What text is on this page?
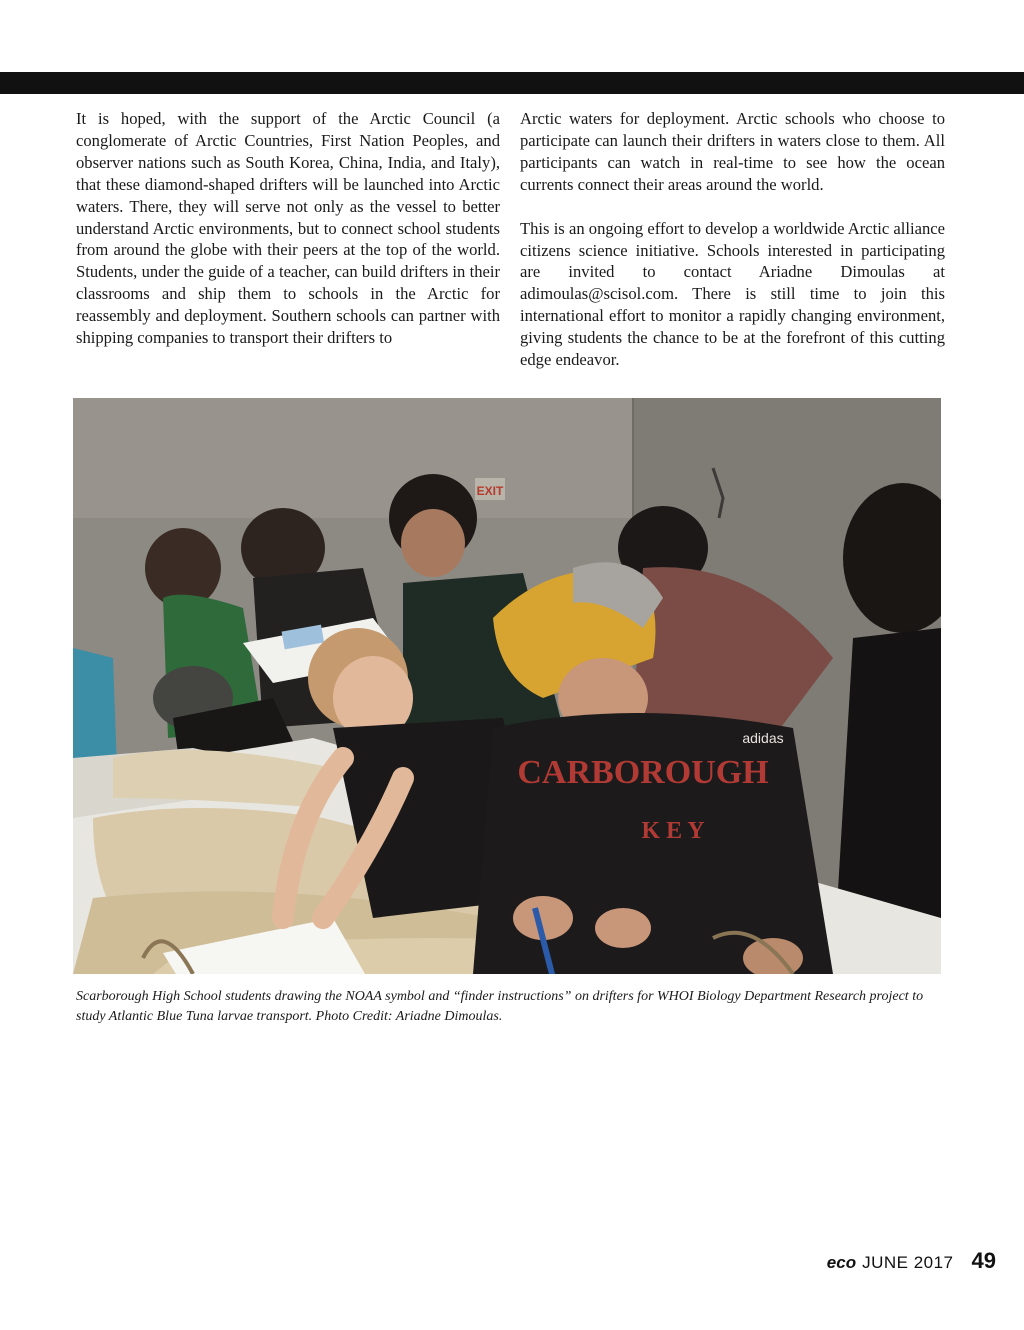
It is hoped, with the support of the Arctic Council (a conglomerate of Arctic Countries, First Nation Peoples, and observer nations such as South Korea, China, India, and Italy), that these diamond-shaped drifters will be launched into Arctic waters. There, they will serve not only as the vessel to better understand Arctic environments, but to connect school students from around the globe with their peers at the top of the world. Students, under the guide of a teacher, can build drifters in their classrooms and ship them to schools in the Arctic for reassembly and deployment. Southern schools can partner with shipping companies to transport their drifters to

Arctic waters for deployment. Arctic schools who choose to participate can launch their drifters in waters close to them. All participants can watch in real-time to see how the ocean currents connect their areas around the world.

This is an ongoing effort to develop a worldwide Arctic alliance citizens science initiative. Schools interested in participating are invited to contact Ariadne Dimoulas at adimoulas@scisol.com. There is still time to join this international effort to monitor a rapidly changing environment, giving students the chance to be at the forefront of this cutting edge endeavor.

EXIT
CARBOROUGH
K E Y
adidas
Scarborough High School students drawing the NOAA symbol and “finder instructions” on drifters for WHOI Biology Department Research project to study Atlantic Blue Tuna larvae transport. Photo Credit: Ariadne Dimoulas.
eco JUNE 2017 49
